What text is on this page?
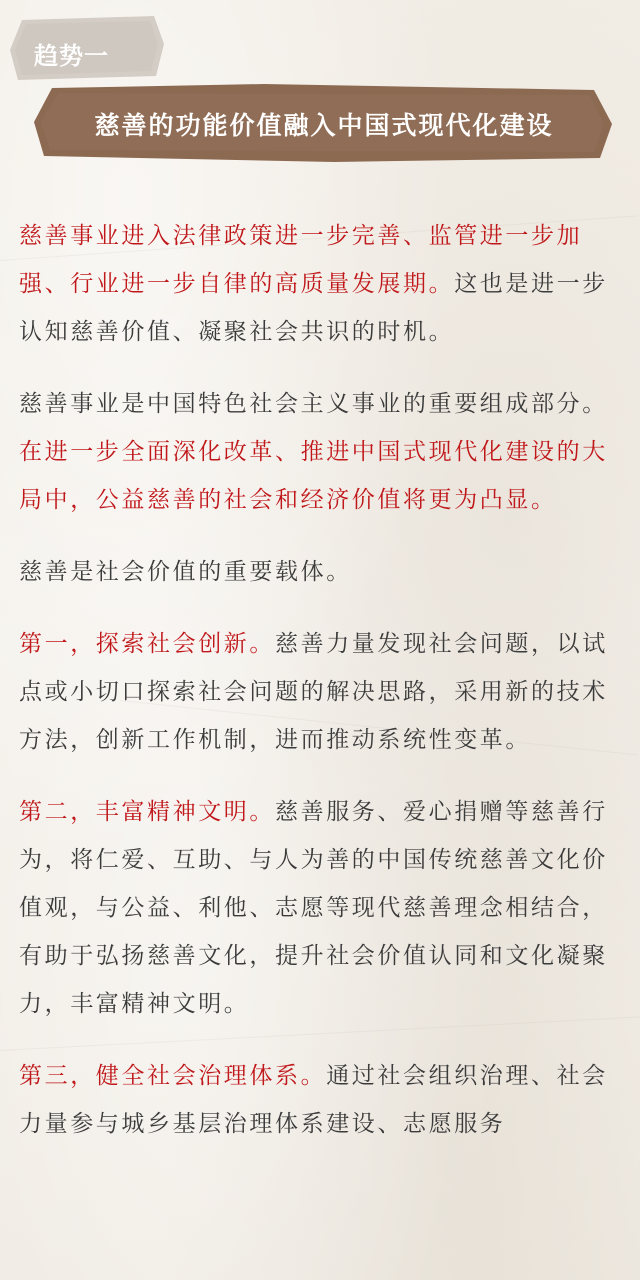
趋势一
慈善的功能价值融入中国式现代化建设

慈善事业进入法律政策进一步完善、监管进一步加强、行业进一步自律的高质量发展期。这也是进一步认知慈善价值、凝聚社会共识的时机。

慈善事业是中国特色社会主义事业的重要组成部分。在进一步全面深化改革、推进中国式现代化建设的大局中，公益慈善的社会和经济价值将更为凸显。

慈善是社会价值的重要载体。

第一，探索社会创新。慈善力量发现社会问题，以试点或小切口探索社会问题的解决思路，采用新的技术方法，创新工作机制，进而推动系统性变革。

第二，丰富精神文明。慈善服务、爱心捐赠等慈善行为，将仁爱、互助、与人为善的中国传统慈善文化价值观，与公益、利他、志愿等现代慈善理念相结合，有助于弘扬慈善文化，提升社会价值认同和文化凝聚力，丰富精神文明。

第三，健全社会治理体系。通过社会组织治理、社会力量参与城乡基层治理体系建设、志愿服务
